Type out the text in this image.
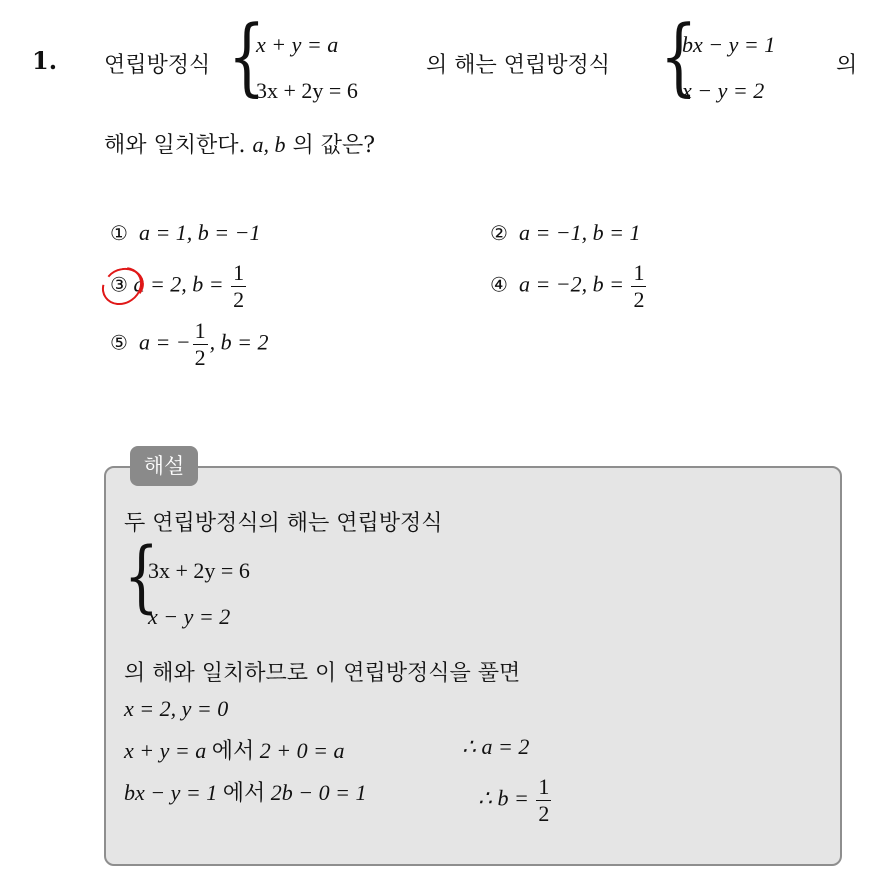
1. 연립방정식 {
x + y = a
3x + 2y = 6
의 해는 연립방정식 {
bx − y = 1
x − y = 2
의
해와 일치한다. a, b 의 값은?
① a = 1, b = −1	② a = −1, b = 1
③ a = 2, $b = \frac{1}{2}$	④ a = −2, $b = \frac{1}{2}$
⑤ a = − $\frac{1}{2}$ , b = 2
해설
두 연립방정식의 해는 연립방정식
{
3x + 2y = 6
x − y = 2
의 해와 일치하므로 이 연립방정식을 풀면
x = 2, y = 0
x + y = a 에서 2 + 0 = a	∴ a = 2
bx − y = 1 에서 2b − 0 = 1	∴ $b = \frac{1}{2}$
